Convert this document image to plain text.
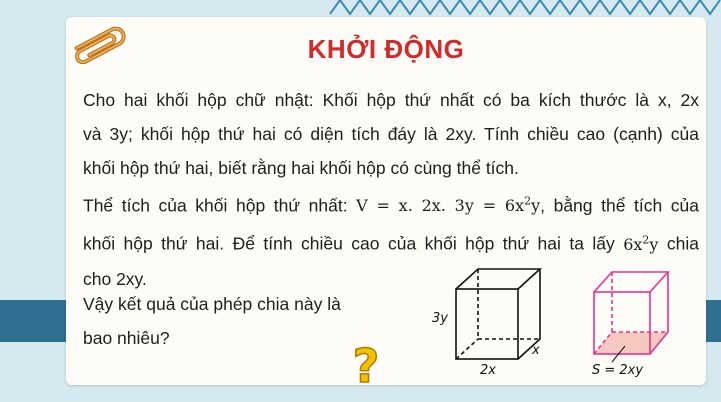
KHỞI ĐỘNG
Cho hai khối hộp chữ nhật: Khối hộp thứ nhất có ba kích thước là x, 2x
và 3y; khối hộp thứ hai có diện tích đáy là 2xy. Tính chiều cao (cạnh) của
khối hộp thứ hai, biết rằng hai khối hộp có cùng thể tích.
Thể tích của khối hộp thứ nhất: V = x. 2x. $3y = 6x^2y$, bằng thể tích của
khối hộp thứ hai. Để tính chiều cao của khối hộp thứ hai ta lấy $6x^2y$ chia
cho 2xy.
Vậy kết quả của phép chia này là
bao nhiêu?
?
3y
2x
x
S = 2xy
